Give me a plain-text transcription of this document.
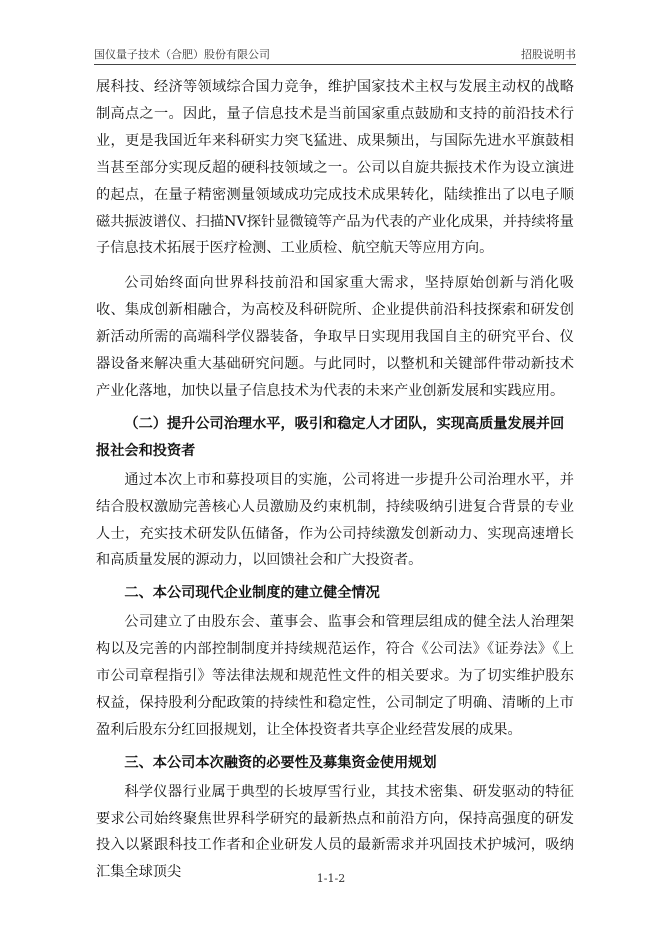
国仪量子技术（合肥）股份有限公司	招股说明书

展科技、经济等领域综合国力竞争，维护国家技术主权与发展主动权的战略制高点之一。因此，量子信息技术是当前国家重点鼓励和支持的前沿技术行业，更是我国近年来科研实力突飞猛进、成果频出，与国际先进水平旗鼓相当甚至部分实现反超的硬科技领域之一。公司以自旋共振技术作为设立演进的起点，在量子精密测量领域成功完成技术成果转化，陆续推出了以电子顺磁共振波谱仪、扫描NV探针显微镜等产品为代表的产业化成果，并持续将量子信息技术拓展于医疗检测、工业质检、航空航天等应用方向。

公司始终面向世界科技前沿和国家重大需求，坚持原始创新与消化吸收、集成创新相融合，为高校及科研院所、企业提供前沿科技探索和研发创新活动所需的高端科学仪器装备，争取早日实现用我国自主的研究平台、仪器设备来解决重大基础研究问题。与此同时，以整机和关键部件带动新技术产业化落地，加快以量子信息技术为代表的未来产业创新发展和实践应用。

（二）提升公司治理水平，吸引和稳定人才团队，实现高质量发展并回报社会和投资者

通过本次上市和募投项目的实施，公司将进一步提升公司治理水平，并结合股权激励完善核心人员激励及约束机制，持续吸纳引进复合背景的专业人士，充实技术研发队伍储备，作为公司持续激发创新动力、实现高速增长和高质量发展的源动力，以回馈社会和广大投资者。

二、本公司现代企业制度的建立健全情况

公司建立了由股东会、董事会、监事会和管理层组成的健全法人治理架构以及完善的内部控制制度并持续规范运作，符合《公司法》《证券法》《上市公司章程指引》等法律法规和规范性文件的相关要求。为了切实维护股东权益，保持股利分配政策的持续性和稳定性，公司制定了明确、清晰的上市盈利后股东分红回报规划，让全体投资者共享企业经营发展的成果。

三、本公司本次融资的必要性及募集资金使用规划

科学仪器行业属于典型的长坡厚雪行业，其技术密集、研发驱动的特征要求公司始终聚焦世界科学研究的最新热点和前沿方向，保持高强度的研发投入以紧跟科技工作者和企业研发人员的最新需求并巩固技术护城河，吸纳汇集全球顶尖	1-1-2
